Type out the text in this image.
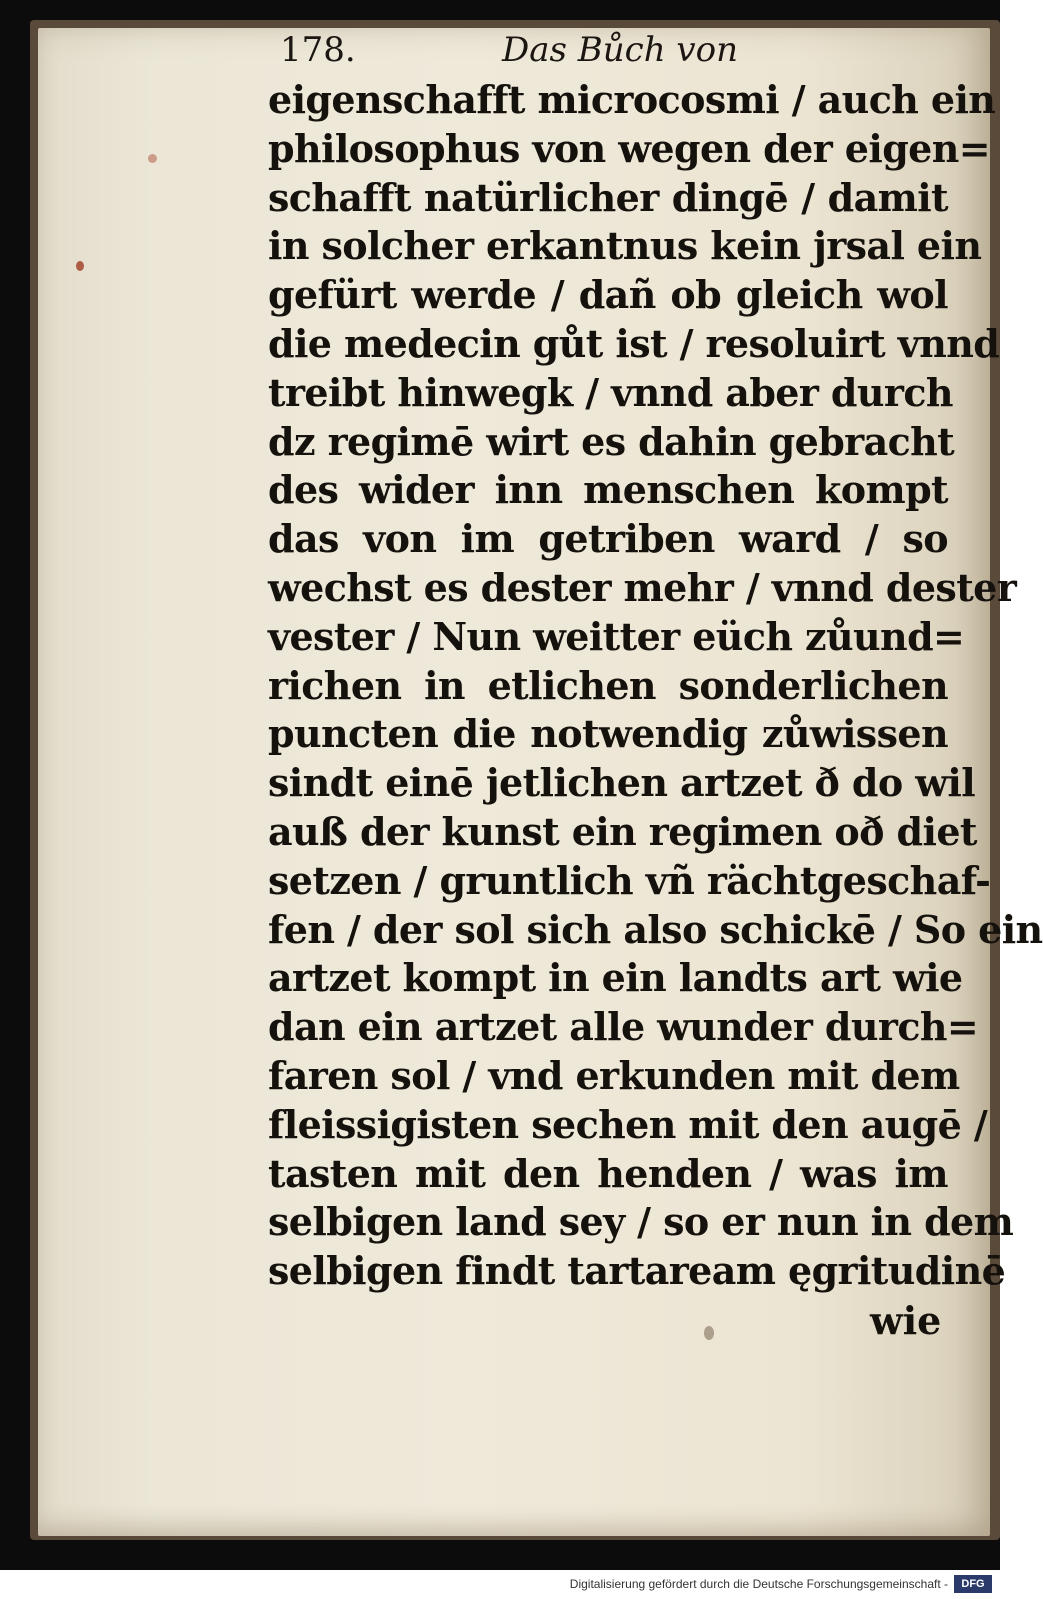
178.	Das Bůch von
eigenschafft microcosmi / auch ein
philosophus von wegen der eigen=
schafft natürlicher dingē / damit
in solcher erkantnus kein jrsal ein
gefürt werde / dañ ob gleich wol
die medecin gůt ist / resoluirt vnnd
treibt hinwegk / vnnd aber durch
dz regimē wirt es dahin gebracht
des wider inn menschen kompt
das von im getriben ward / so
wechst es dester mehr / vnnd dester
vester / Nun weitter eüch zůund=
richen in etlichen sonderlichen
puncten die notwendig zůwissen
sindt einē jetlichen artzet ð do wil
auß der kunst ein regimen oð diet
setzen / gruntlich vñ rächtgeschaf-
fen / der sol sich also schickē / So ein
artzet kompt in ein landts art wie
dan ein artzet alle wunder durch=
faren sol / vnd erkunden mit dem
fleissigisten sechen mit den augē /
tasten mit den henden / was im
selbigen land sey / so er nun in dem
selbigen findt tartaream ęgritudinē
wie
Digitalisierung gefördert durch die Deutsche Forschungsgemeinschaft -	DFG
